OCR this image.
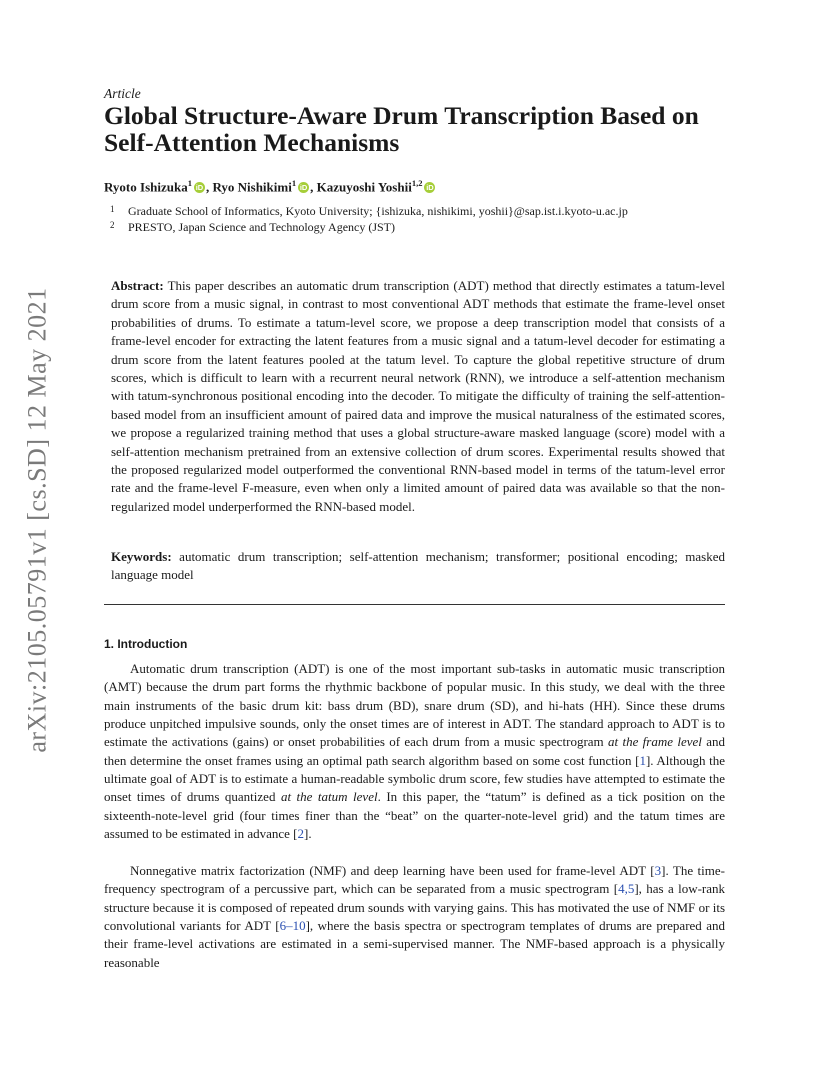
arXiv:2105.05791v1 [cs.SD] 12 May 2021
Article
Global Structure-Aware Drum Transcription Based on Self-Attention Mechanisms
Ryoto Ishizuka$^1$ iD , Ryo Nishikimi$^1$ iD , Kazuyoshi Yoshii$^{1,2}$ iD
1	Graduate School of Informatics, Kyoto University; {ishizuka, nishikimi, yoshii}@sap.ist.i.kyoto-u.ac.jp
2	PRESTO, Japan Science and Technology Agency (JST)

Abstract: This paper describes an automatic drum transcription (ADT) method that directly estimates a tatum-level drum score from a music signal, in contrast to most conventional ADT methods that estimate the frame-level onset probabilities of drums. To estimate a tatum-level score, we propose a deep transcription model that consists of a frame-level encoder for extracting the latent features from a music signal and a tatum-level decoder for estimating a drum score from the latent features pooled at the tatum level. To capture the global repetitive structure of drum scores, which is difficult to learn with a recurrent neural network (RNN), we introduce a self-attention mechanism with tatum-synchronous positional encoding into the decoder. To mitigate the difficulty of training the self-attention-based model from an insufficient amount of paired data and improve the musical naturalness of the estimated scores, we propose a regularized training method that uses a global structure-aware masked language (score) model with a self-attention mechanism pretrained from an extensive collection of drum scores. Experimental results showed that the proposed regularized model outperformed the conventional RNN-based model in terms of the tatum-level error rate and the frame-level F-measure, even when only a limited amount of paired data was available so that the non-regularized model underperformed the RNN-based model.

Keywords: automatic drum transcription; self-attention mechanism; transformer; positional encoding; masked language model

1. Introduction

Automatic drum transcription (ADT) is one of the most important sub-tasks in automatic music transcription (AMT) because the drum part forms the rhythmic backbone of popular music. In this study, we deal with the three main instruments of the basic drum kit: bass drum (BD), snare drum (SD), and hi-hats (HH). Since these drums produce unpitched impulsive sounds, only the onset times are of interest in ADT. The standard approach to ADT is to estimate the activations (gains) or onset probabilities of each drum from a music spectrogram at the frame level and then determine the onset frames using an optimal path search algorithm based on some cost function [1]. Although the ultimate goal of ADT is to estimate a human-readable symbolic drum score, few studies have attempted to estimate the onset times of drums quantized at the tatum level. In this paper, the “tatum” is defined as a tick position on the sixteenth-note-level grid (four times finer than the “beat” on the quarter-note-level grid) and the tatum times are assumed to be estimated in advance [2].

Nonnegative matrix factorization (NMF) and deep learning have been used for frame-level ADT [3]. The time-frequency spectrogram of a percussive part, which can be separated from a music spectrogram [4,5], has a low-rank structure because it is composed of repeated drum sounds with varying gains. This has motivated the use of NMF or its convolutional variants for ADT [6–10], where the basis spectra or spectrogram templates of drums are prepared and their frame-level activations are estimated in a semi-supervised manner. The NMF-based approach is a physically reasonable
